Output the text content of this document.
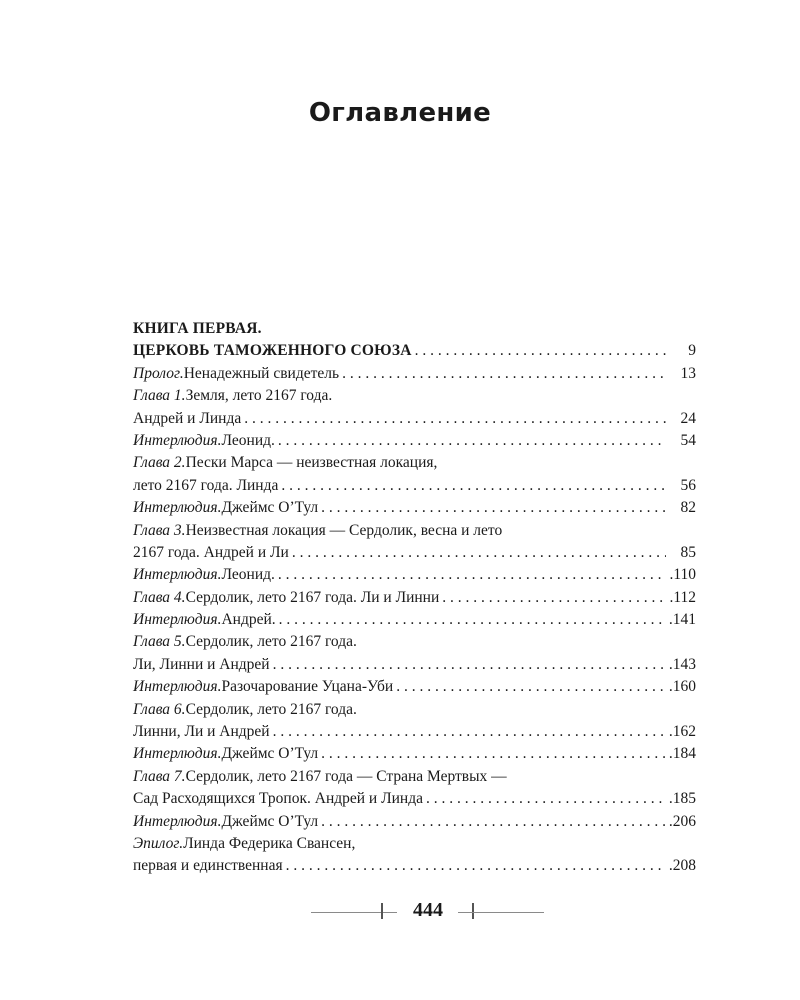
Оглавление
КНИГА ПЕРВАЯ.
ЦЕРКОВЬ ТАМОЖЕННОГО СОЮЗА . . .	9
Пролог. Ненадежный свидетель . . .	13
Глава 1. Земля, лето 2167 года.
Андрей и Линда . . .	24
Интерлюдия. Леонид. . . .	54
Глава 2. Пески Марса — неизвестная локация,
лето 2167 года. Линда . . .	56
Интерлюдия. Джеймс О’Тул . . .	82
Глава 3. Неизвестная локация — Сердолик, весна и лето
2167 года. Андрей и Ли . . .	85
Интерлюдия. Леонид. . . .	.110
Глава 4. Сердолик, лето 2167 года. Ли и Линни . . .	.112
Интерлюдия. Андрей. . . .	.141
Глава 5. Сердолик, лето 2167 года.
Ли, Линни и Андрей . . .	.143
Интерлюдия. Разочарование Уцана-Уби . . .	.160
Глава 6. Сердолик, лето 2167 года.
Линни, Ли и Андрей . . .	.162
Интерлюдия. Джеймс О’Тул . . .	.184
Глава 7. Сердолик, лето 2167 года — Страна Мертвых —
Сад Расходящихся Тропок. Андрей и Линда . . .	.185
Интерлюдия. Джеймс О’Тул . . .	.206
Эпилог. Линда Федерика Свансен,
первая и единственная . . .	.208
444
